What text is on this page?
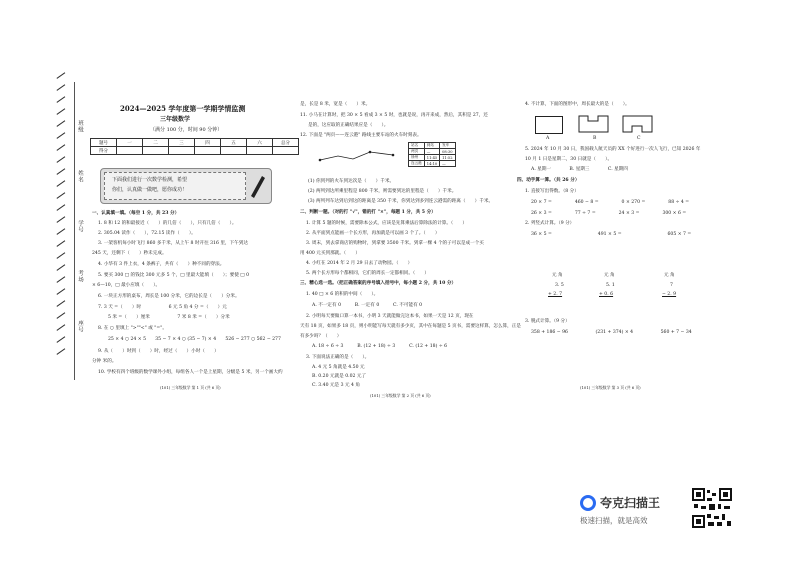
班级
姓名
学号
考场
座号
2024—2025 学年度第一学期学情监测
三年级数学
（满分 100 分，时间 90 分钟）
题号	一	二	三	四	五	六	总分
得分							
下面我们进行一次数学检测，希望
你们，认真做一做吧，愿你成功！
一、认真填一填。（每空 1 分，共 23 分）
1. 8 和 12 的和最接近（　　）的几倍（　　），只有几倍（　　）。
2. 305.04 读作（　　），72.15 读作（　　）。
3. 一架客机每小时飞行 860 多千米，从上午 8 时开往 316 里，下午到达
245 天，还剩下（　　）秒未完成。
4. 小华有 3 件上衣，4 条裤子，共有（　　）种不同的穿法。
5. 要买 300 □ 的钱比 300 元多 5 个，□ 里最大能填（　　）；要使 □ 0
× 6—10，□ 最小应填（　　）。
6. 一块正方形的桌布，周长是 100 分米，它的边长是（　　）分米。
7. 3 天 =（　　）时　　　　　　6 元 5 角 4 分 =（　　）元
5 米 =（　　）厘米　　　　　　7 米 8 米 =（　　）分米
8. 在 ○ 里填上 ">""<" 或 "="。
25 × 4 ○ 24 × 5　　35 − 7 × 4 ○ (35 − 7) × 4　　526 − 277 ○ 562 − 277
9. 从（　　）时到（　　）时，经过（　　）小时（　　）
分钟 米的。
10. 学校有四个班级的数学课外小组，每组各人一个是上星期，分级是 5 米，另一个画大约
(101) 三年级数学 第 1 页 (共 6 页)
是，长是 8 米，宽是（　　）米。
11. 小马在计算时，把 30 × 5 看成 3 × 5 时，也就是说，再开来成，然后，其积是 27，还
是的，这应取的正确结果应是（　　）。
12. 下面是 "两页——连云港" 路线主要车站的火车时刻表。
站名	到站	发车
两页	—	08:30
徐州	11:45	11:52
连云港	14:10	—
(1) 你到列的火车到达次是（　　）千米。
(2) 两列到达所乘里程是 800 千米，则需要到达的里程是（　　）千米。
(3) 两列列车达到后到这的距离是 350 千米，你到达到多到连云港需的距离（　　）千米。
二、判断一题。（对的打 "√"，错的打 "×"，每题 1 分，共 5 分）
1. 计算 5 题的时候，需要除本公式，应该是先算乘法后算除法的计算。（　　）
2. 从平面到点能画一个长方形，再加就是可以画 3 个了。（　　）
3. 周末，到去拿商店的购物时，到拿要 3500 千米。到拿一棵 4 个的子可以是成一个买
用 400 元买到那就。（　　）
4. 小红在 2014 年 2 月 29 日去了动物园。（　　）
5. 两个长方形每个都相同，它们的周长一定都相同。（　　）
三、精心选一选。（把正确答案的序号填入括号中，每小题 2 分，共 10 分）
1. 40 □ × 6 的积的中间（　　）。
A. 不一定有 0　　　B. 一定有 0　　　C. 不可能有 0
2. 小明每天要做口算一本书，小明 3 天就能做完这本书，如果一天是 12 页，现在
天有 18 页，如果多 18 页，则小明能写每天就有多少页，其中在每题是 5 页书，需要这样算，怎么算，正是
有多少吗？（　　）
A. 18 ÷ 6 ÷ 3　　　B. (12 + 18) ÷ 3　　　C. (12 + 18) ÷ 6
3. 下面说法正确的是（　　）。
A. 4 元 5 角就是 4.50 元
B. 0.20 元就是 0.02 元了
C. 3.40 元是 3 元 4 角
(101) 三年级数学 第 2 页 (共 6 页)
4. 不计算，下面的图形中，周长最大的是（　　）。
A	B	C
5. 2024 年 10 月 30 日，我国载人航天员的 XX 个好进行一次人飞行，已知 2026 年
10 月 1 日是星期二，30 日就是（　　）。
A. 星期一　　　　B. 星期三　　　　C. 星期四
四、动手算一算。（共 26 分）
1. 直接写出得数。（8 分）
20 × 7 =　　　　　460 − 8 =　　　　　0 × 270 =　　　　　88 ÷ 4 =
26 × 3 =　　　　　77 ÷ 7 =　　　　　24 × 3 =　　　　　300 × 6 =
2. 列竖式计算。（9 分）
36 × 5 =　　　　　　　　　　491 × 5 =　　　　　　　　　　605 × 7 =
元 角	元 角	元 角
3. 5	5. 1	7
+ 2. 7	+ 0. 6	− 2. 9
3. 脱式计算。（9 分）
358 + 186 − 96　　　　　　(231 + 374) × 4　　　　　　560 + 7 − 34
(101) 三年级数学 第 3 页 (共 6 页)
夸克扫描王
极速扫描，就是高效
